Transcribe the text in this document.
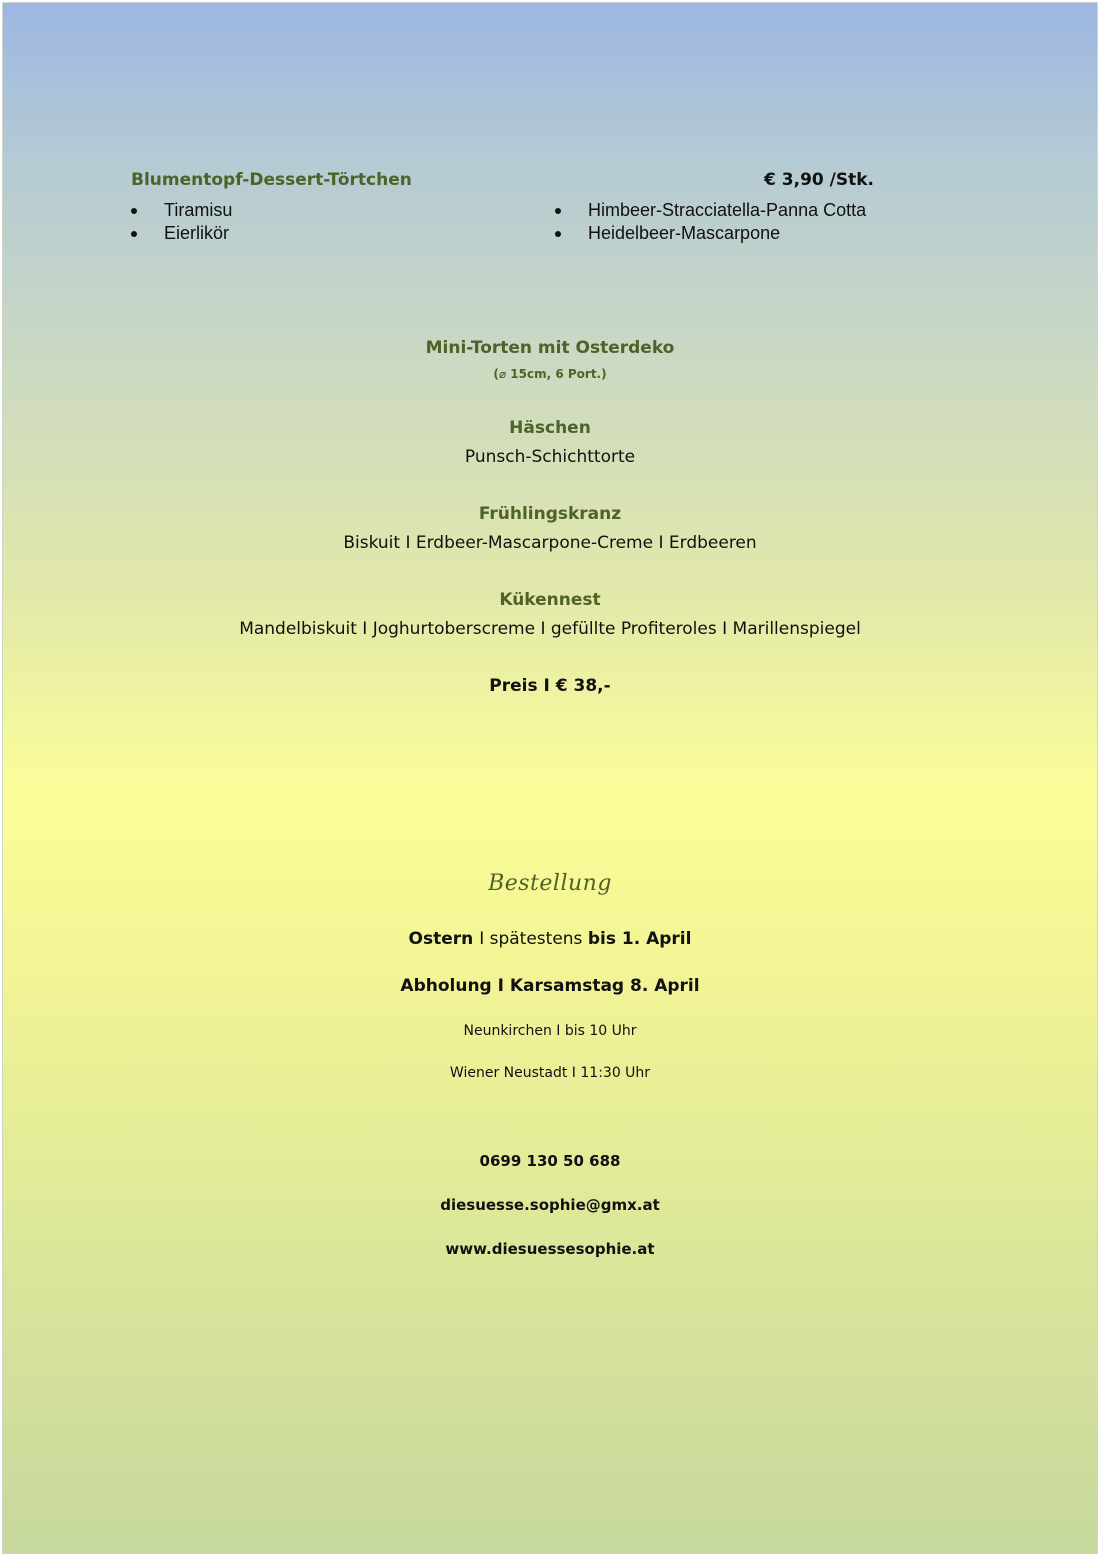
Blumentopf-Dessert-Törtchen	€ 3,90 /Stk.
Tiramisu
Eierlikör
Himbeer-Stracciatella-Panna Cotta
Heidelbeer-Mascarpone
Mini-Torten mit Osterdeko
(⌀ 15cm, 6 Port.)
Häschen
Punsch-Schichttorte
Frühlingskranz
Biskuit I Erdbeer-Mascarpone-Creme I Erdbeeren
Kükennest
Mandelbiskuit I Joghurtoberscreme I gefüllte Profiteroles I Marillenspiegel
Preis I € 38,-
Bestellung
Ostern I spätestens bis 1. April
Abholung I Karsamstag 8. April
Neunkirchen I bis 10 Uhr
Wiener Neustadt I 11:30 Uhr
0699 130 50 688
diesuesse.sophie@gmx.at
www.diesuessesophie.at
